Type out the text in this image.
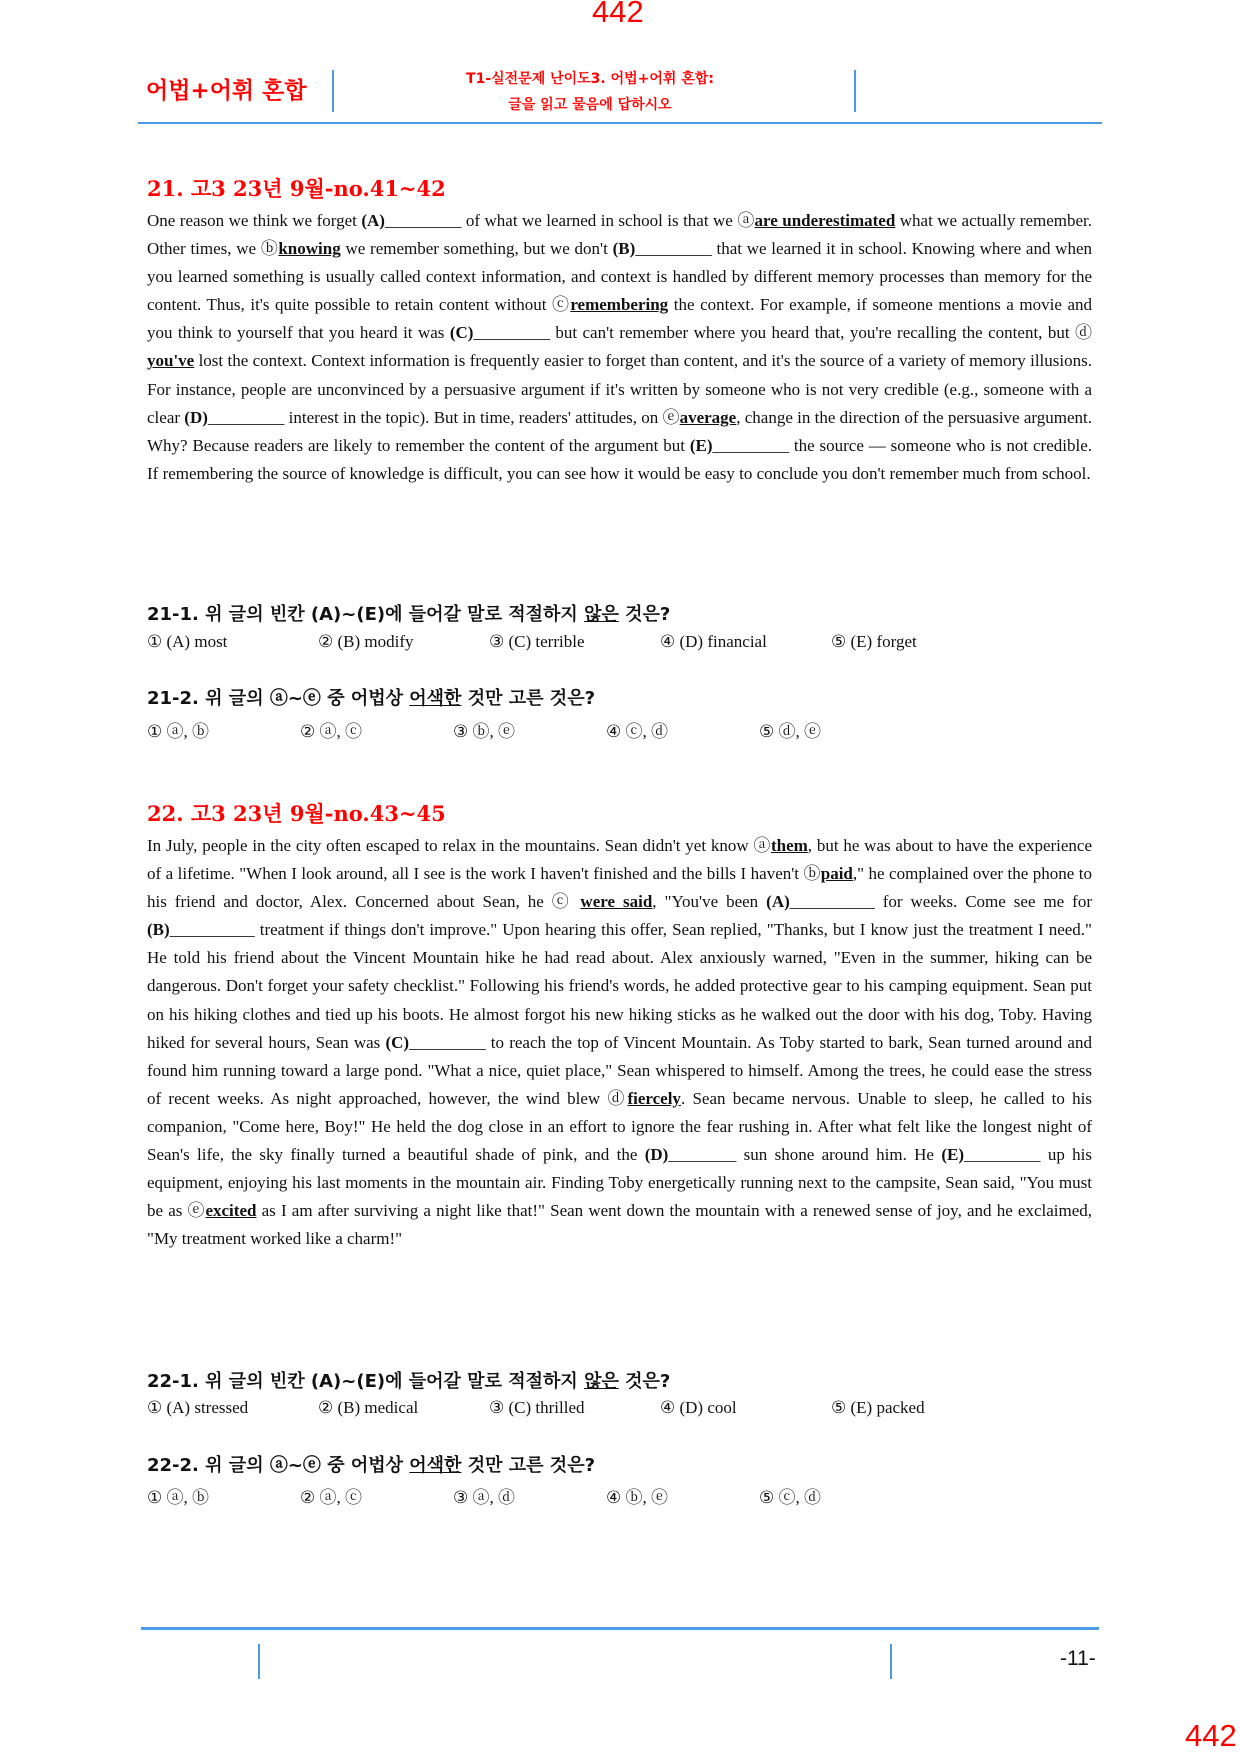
442
어법+어휘 혼합	T1-실전문제 난이도3. 어법+어휘 혼합:
글을 읽고 물음에 답하시오
21. 고3 23년 9월-no.41~42
One reason we think we forget (A)_________ of what we learned in school is that we ⓐare underestimated what we actually remember. Other times, we ⓑknowing we remember something, but we don't (B)_________ that we learned it in school. Knowing where and when you learned something is usually called context information, and context is handled by different memory processes than memory for the content. Thus, it's quite possible to retain content without ⓒremembering the context. For example, if someone mentions a movie and you think to yourself that you heard it was (C)_________ but can't remember where you heard that, you're recalling the content, but ⓓ you've lost the context. Context information is frequently easier to forget than content, and it's the source of a variety of memory illusions. For instance, people are unconvinced by a persuasive argument if it's written by someone who is not very credible (e.g., someone with a clear (D)_________ interest in the topic). But in time, readers' attitudes, on ⓔaverage, change in the direction of the persuasive argument. Why? Because readers are likely to remember the content of the argument but (E)_________ the source — someone who is not credible. If remembering the source of knowledge is difficult, you can see how it would be easy to conclude you don't remember much from school.
21-1. 위 글의 빈칸 (A)~(E)에 들어갈 말로 적절하지 않은 것은?
① (A) most	② (B) modify	③ (C) terrible	④ (D) financial	⑤ (E) forget
21-2. 위 글의 ⓐ~ⓔ 중 어법상 어색한 것만 고른 것은?
① ⓐ, ⓑ	② ⓐ, ⓒ	③ ⓑ, ⓔ	④ ⓒ, ⓓ	⑤ ⓓ, ⓔ
22. 고3 23년 9월-no.43~45
In July, people in the city often escaped to relax in the mountains. Sean didn't yet know ⓐthem, but he was about to have the experience of a lifetime. "When I look around, all I see is the work I haven't finished and the bills I haven't ⓑpaid," he complained over the phone to his friend and doctor, Alex. Concerned about Sean, he ⓒ were said, "You've been (A)__________ for weeks. Come see me for (B)__________ treatment if things don't improve." Upon hearing this offer, Sean replied, "Thanks, but I know just the treatment I need." He told his friend about the Vincent Mountain hike he had read about. Alex anxiously warned, "Even in the summer, hiking can be dangerous. Don't forget your safety checklist." Following his friend's words, he added protective gear to his camping equipment. Sean put on his hiking clothes and tied up his boots. He almost forgot his new hiking sticks as he walked out the door with his dog, Toby. Having hiked for several hours, Sean was (C)_________ to reach the top of Vincent Mountain. As Toby started to bark, Sean turned around and found him running toward a large pond. "What a nice, quiet place," Sean whispered to himself. Among the trees, he could ease the stress of recent weeks. As night approached, however, the wind blew ⓓfiercely. Sean became nervous. Unable to sleep, he called to his companion, "Come here, Boy!" He held the dog close in an effort to ignore the fear rushing in. After what felt like the longest night of Sean's life, the sky finally turned a beautiful shade of pink, and the (D)________ sun shone around him. He (E)_________ up his equipment, enjoying his last moments in the mountain air. Finding Toby energetically running next to the campsite, Sean said, "You must be as ⓔexcited as I am after surviving a night like that!" Sean went down the mountain with a renewed sense of joy, and he exclaimed, "My treatment worked like a charm!"
22-1. 위 글의 빈칸 (A)~(E)에 들어갈 말로 적절하지 않은 것은?
① (A) stressed	② (B) medical	③ (C) thrilled	④ (D) cool	⑤ (E) packed
22-2. 위 글의 ⓐ~ⓔ 중 어법상 어색한 것만 고른 것은?
① ⓐ, ⓑ	② ⓐ, ⓒ	③ ⓐ, ⓓ	④ ⓑ, ⓔ	⑤ ⓒ, ⓓ
-11-
442
